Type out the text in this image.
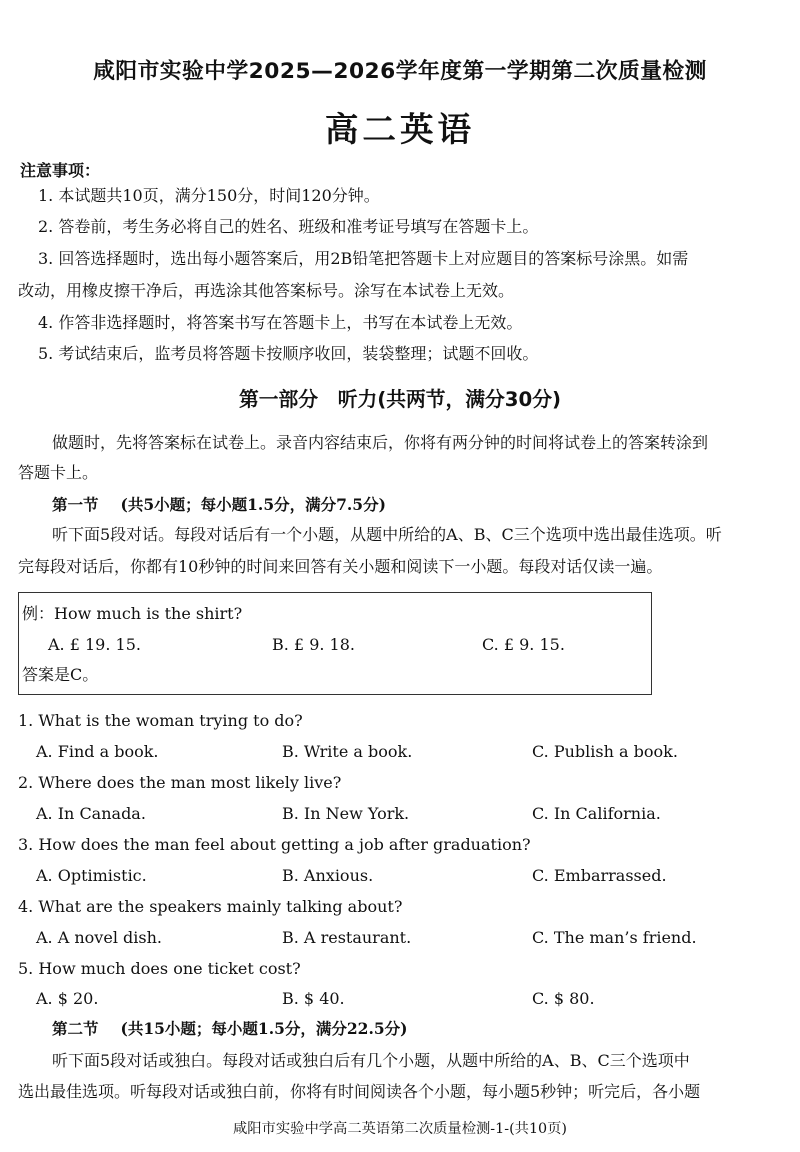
咸阳市实验中学2025—2026学年度第一学期第二次质量检测
高二英语
注意事项：
1. 本试题共10页，满分150分，时间120分钟。
2. 答卷前，考生务必将自己的姓名、班级和准考证号填写在答题卡上。
3. 回答选择题时，选出每小题答案后，用2B铅笔把答题卡上对应题目的答案标号涂黑。如需
改动，用橡皮擦干净后，再选涂其他答案标号。涂写在本试卷上无效。
4. 作答非选择题时，将答案书写在答题卡上，书写在本试卷上无效。
5. 考试结束后，监考员将答题卡按顺序收回，装袋整理；试题不回收。
第一部分　听力(共两节，满分30分)
做题时，先将答案标在试卷上。录音内容结束后，你将有两分钟的时间将试卷上的答案转涂到
答题卡上。
第一节 (共5小题；每小题1.5分，满分7.5分)
听下面5段对话。每段对话后有一个小题，从题中所给的A、B、C三个选项中选出最佳选项。听
完每段对话后，你都有10秒钟的时间来回答有关小题和阅读下一小题。每段对话仅读一遍。
例：How much is the shirt?
A. £ 19. 15.	B. £ 9. 18.	C. £ 9. 15.
答案是C。
1. What is the woman trying to do?
A. Find a book.	B. Write a book.	C. Publish a book.
2. Where does the man most likely live?
A. In Canada.	B. In New York.	C. In California.
3. How does the man feel about getting a job after graduation?
A. Optimistic.	B. Anxious.	C. Embarrassed.
4. What are the speakers mainly talking about?
A. A novel dish.	B. A restaurant.	C. The man’s friend.
5. How much does one ticket cost?
A. $ 20.	B. $ 40.	C. $ 80.
第二节 (共15小题；每小题1.5分，满分22.5分)
听下面5段对话或独白。每段对话或独白后有几个小题，从题中所给的A、B、C三个选项中
选出最佳选项。听每段对话或独白前，你将有时间阅读各个小题，每小题5秒钟；听完后，各小题
咸阳市实验中学高二英语第二次质量检测-1-(共10页)
